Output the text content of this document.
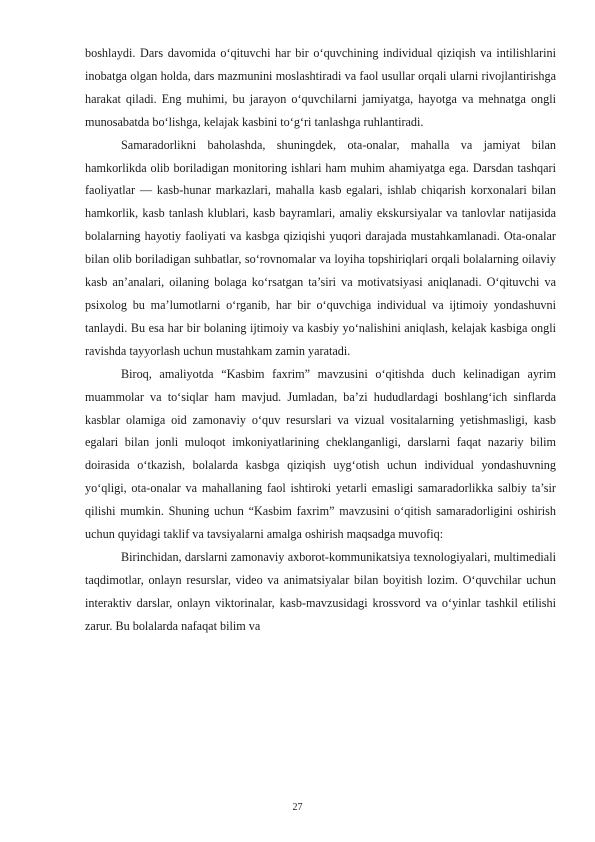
boshlaydi. Dars davomida o‘qituvchi har bir o‘quvchining individual qiziqish va intilishlarini inobatga olgan holda, dars mazmunini moslashtiradi va faol usullar orqali ularni rivojlantirishga harakat qiladi. Eng muhimi, bu jarayon o‘quvchilarni jamiyatga, hayotga va mehnatga ongli munosabatda bo‘lishga, kelajak kasbini to‘g‘ri tanlashga ruhlantiradi.

Samaradorlikni baholashda, shuningdek, ota-onalar, mahalla va jamiyat bilan hamkorlikda olib boriladigan monitoring ishlari ham muhim ahamiyatga ega. Darsdan tashqari faoliyatlar — kasb-hunar markazlari, mahalla kasb egalari, ishlab chiqarish korxonalari bilan hamkorlik, kasb tanlash klublari, kasb bayramlari, amaliy ekskursiyalar va tanlovlar natijasida bolalarning hayotiy faoliyati va kasbga qiziqishi yuqori darajada mustahkamlanadi. Ota-onalar bilan olib boriladigan suhbatlar, so‘rovnomalar va loyiha topshiriqlari orqali bolalarning oilaviy kasb an’analari, oilaning bolaga ko‘rsatgan ta’siri va motivatsiyasi aniqlanadi. O‘qituvchi va psixolog bu ma’lumotlarni o‘rganib, har bir o‘quvchiga individual va ijtimoiy yondashuvni tanlaydi. Bu esa har bir bolaning ijtimoiy va kasbiy yo‘nalishini aniqlash, kelajak kasbiga ongli ravishda tayyorlash uchun mustahkam zamin yaratadi.

Biroq, amaliyotda “Kasbim faxrim” mavzusini o‘qitishda duch kelinadigan ayrim muammolar va to‘siqlar ham mavjud. Jumladan, ba’zi hududlardagi boshlang‘ich sinflarda kasblar olamiga oid zamonaviy o‘quv resurslari va vizual vositalarning yetishmasligi, kasb egalari bilan jonli muloqot imkoniyatlarining cheklanganligi, darslarni faqat nazariy bilim doirasida o‘tkazish, bolalarda kasbga qiziqish uyg‘otish uchun individual yondashuvning yo‘qligi, ota-onalar va mahallaning faol ishtiroki yetarli emasligi samaradorlikka salbiy ta’sir qilishi mumkin. Shuning uchun “Kasbim faxrim” mavzusini o‘qitish samaradorligini oshirish uchun quyidagi taklif va tavsiyalarni amalga oshirish maqsadga muvofiq:

Birinchidan, darslarni zamonaviy axborot-kommunikatsiya texnologiyalari, multimediali taqdimotlar, onlayn resurslar, video va animatsiyalar bilan boyitish lozim. O‘quvchilar uchun interaktiv darslar, onlayn viktorinalar, kasb-mavzusidagi krossvord va o‘yinlar tashkil etilishi zarur. Bu bolalarda nafaqat bilim va

27
